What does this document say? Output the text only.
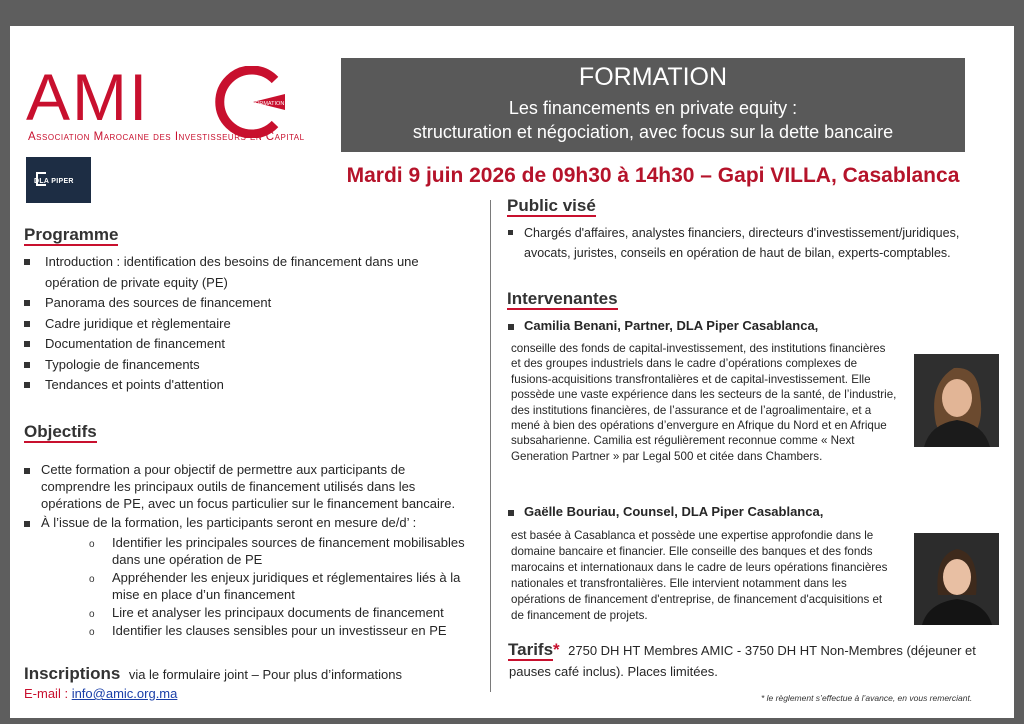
AMI	FORMATION
Association Marocaine des Investisseurs en Capital
DLA PIPER
FORMATION
Les financements en private equity :
structuration et négociation, avec focus sur la dette bancaire
Mardi 9 juin 2026 de 09h30 à 14h30 – Gapi VILLA, Casablanca
Programme
Introduction : identification des besoins de financement dans une
opération de private equity (PE)
Panorama des sources de financement
Cadre juridique et règlementaire
Documentation de financement
Typologie de financements
Tendances et points d'attention
Objectifs
Cette formation a pour objectif de permettre aux participants de
comprendre les principaux outils de financement utilisés dans les
opérations de PE, avec un focus particulier sur le financement bancaire.
À l’issue de la formation, les participants seront en mesure de/d’ :
o Identifier les principales sources de financement mobilisables
dans une opération de PE
o Appréhender les enjeux juridiques et réglementaires liés à la
mise en place d’un financement
o Lire et analyser les principaux documents de financement
o Identifier les clauses sensibles pour un investisseur en PE
Inscriptions via le formulaire joint – Pour plus d’informations
E-mail : info@amic.org.ma
Public visé
Chargés d'affaires, analystes financiers, directeurs d'investissement/juridiques,
avocats, juristes, conseils en opération de haut de bilan, experts-comptables.
Intervenantes
Camilia Benani, Partner, DLA Piper Casablanca,
conseille des fonds de capital-investissement, des institutions financières
et des groupes industriels dans le cadre d’opérations complexes de
fusions-acquisitions transfrontalières et de capital-investissement. Elle
possède une vaste expérience dans les secteurs de la santé, de l’industrie,
des institutions financières, de l’assurance et de l’agroalimentaire, et a
mené à bien des opérations d’envergure en Afrique du Nord et en Afrique
subsaharienne. Camilia est régulièrement reconnue comme « Next
Generation Partner » par Legal 500 et citée dans Chambers.
Gaëlle Bouriau, Counsel, DLA Piper Casablanca,
est basée à Casablanca et possède une expertise approfondie dans le
domaine bancaire et financier. Elle conseille des banques et des fonds
marocains et internationaux dans le cadre de leurs opérations financières
nationales et transfrontalières. Elle intervient notamment dans les
opérations de financement d'entreprise, de financement d'acquisitions et
de financement de projets.
Tarifs* 2750 DH HT Membres AMIC - 3750 DH HT Non-Membres (déjeuner et
pauses café inclus). Places limitées.
* le règlement s’effectue à l’avance, en vous remerciant.
